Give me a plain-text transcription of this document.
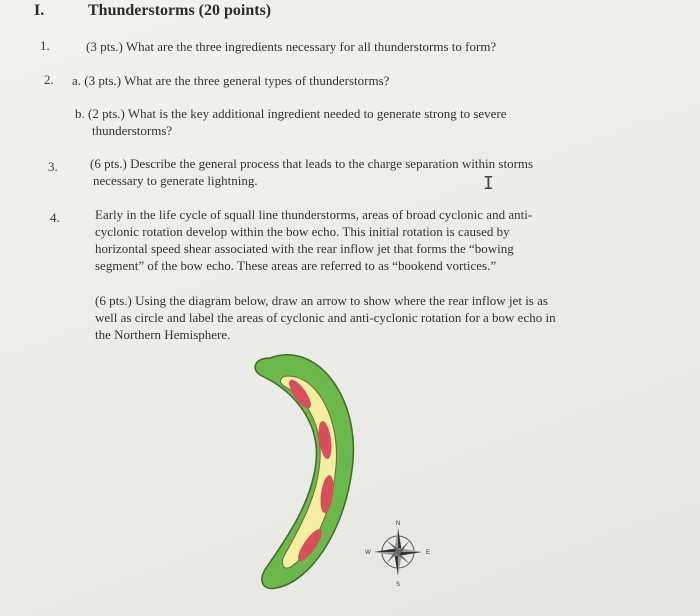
I.	Thunderstorms (20 points)
1.	(3 pts.) What are the three ingredients necessary for all thunderstorms to form?
2. a. (3 pts.) What are the three general types of thunderstorms?
b. (2 pts.) What is the key additional ingredient needed to generate strong to severe
thunderstorms?
3. (6 pts.) Describe the general process that leads to the charge separation within storms
necessary to generate lightning.	I
4.	Early in the life cycle of squall line thunderstorms, areas of broad cyclonic and anti-
cyclonic rotation develop within the bow echo. This initial rotation is caused by
horizontal speed shear associated with the rear inflow jet that forms the “bowing
segment” of the bow echo. These areas are referred to as “bookend vortices.”
(6 pts.) Using the diagram below, draw an arrow to show where the rear inflow jet is as
well as circle and label the areas of cyclonic and anti-cyclonic rotation for a bow echo in
the Northern Hemisphere.
N
S
E
W
